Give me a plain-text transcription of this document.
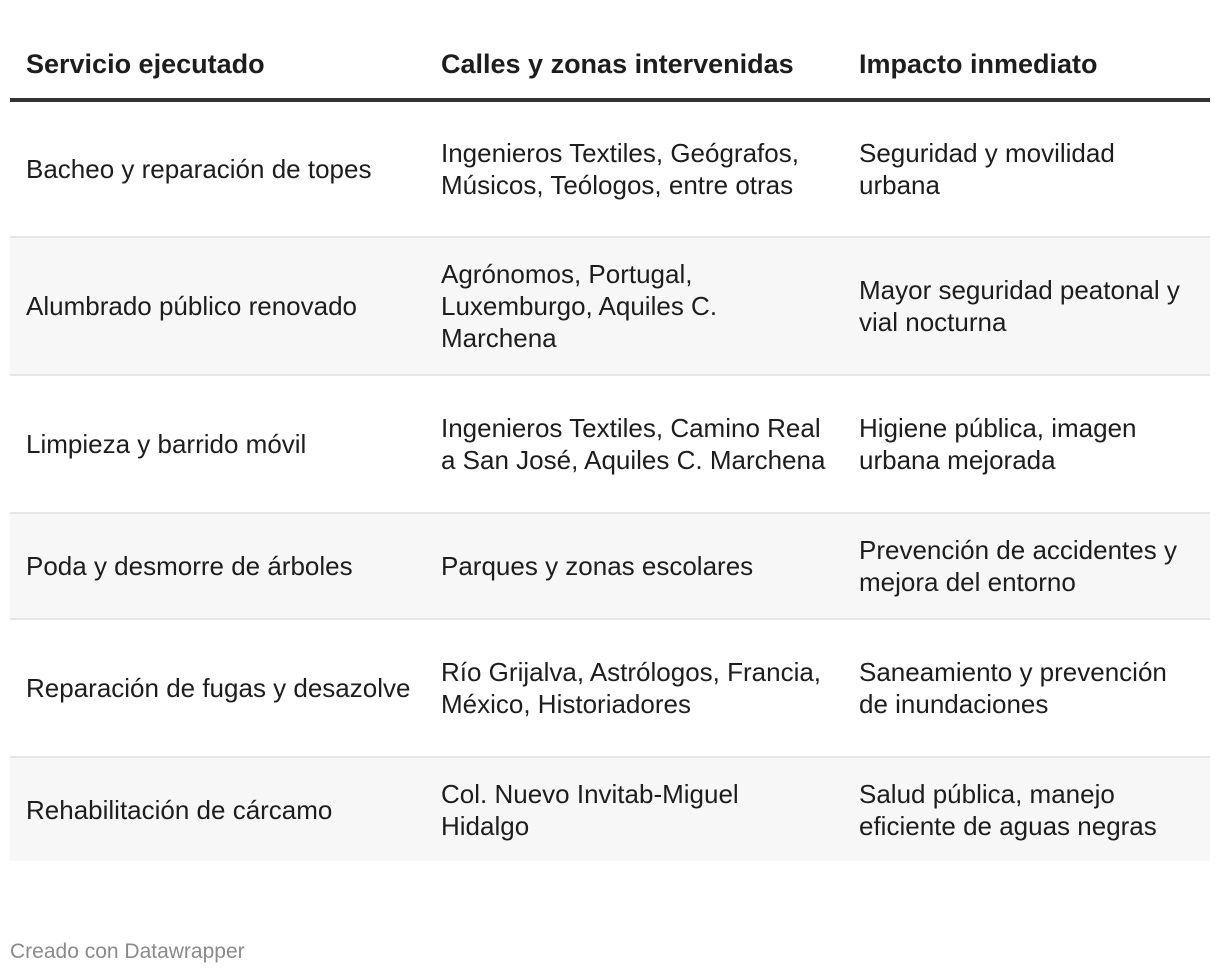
Servicio ejecutado	Calles y zonas intervenidas	Impacto inmediato
Bacheo y reparación de topes	Ingenieros Textiles, Geógrafos, Músicos, Teólogos, entre otras	Seguridad y movilidad urbana
Alumbrado público renovado	Agrónomos, Portugal, Luxemburgo, Aquiles C. Marchena	Mayor seguridad peatonal y vial nocturna
Limpieza y barrido móvil	Ingenieros Textiles, Camino Real a San José, Aquiles C. Marchena	Higiene pública, imagen urbana mejorada
Poda y desmorre de árboles	Parques y zonas escolares	Prevención de accidentes y mejora del entorno
Reparación de fugas y desazolve	Río Grijalva, Astrólogos, Francia, México, Historiadores	Saneamiento y prevención de inundaciones
Rehabilitación de cárcamo	Col. Nuevo Invitab-Miguel Hidalgo	Salud pública, manejo eficiente de aguas negras
Creado con Datawrapper
